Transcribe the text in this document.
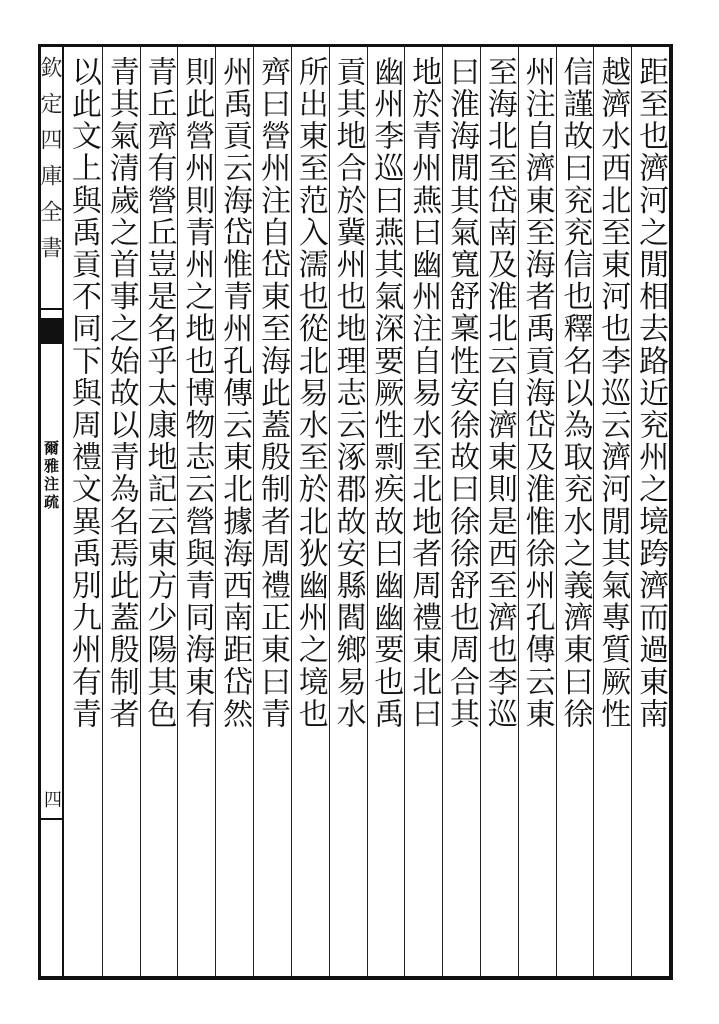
欽定四庫全書
爾雅注疏
四
距至也濟河之閒相去路近兖州之境跨濟而過東南
越濟水西北至東河也李巡云濟河閒其氣專質厥性
信謹故曰兖兖信也釋名以為取兖水之義濟東曰徐
州注自濟東至海者禹貢海岱及淮惟徐州孔傳云東
至海北至岱南及淮北云自濟東則是西至濟也李巡
曰淮海閒其氣寬舒稟性安徐故曰徐徐舒也周合其
地於青州燕曰幽州注自易水至北地者周禮東北曰
幽州李巡曰燕其氣深要厥性剽疾故曰幽幽要也禹
貢其地合於冀州也地理志云涿郡故安縣閻鄉易水
所出東至范入濡也從北易水至於北狄幽州之境也
齊曰營州注自岱東至海此蓋殷制者周禮正東曰青
州禹貢云海岱惟青州孔傳云東北據海西南距岱然
則此營州則青州之地也博物志云營與青同海東有
青丘齊有營丘豈是名乎太康地記云東方少陽其色
青其氣清歲之首事之始故以青為名焉此蓋殷制者
以此文上與禹貢不同下與周禮文異禹別九州有青
